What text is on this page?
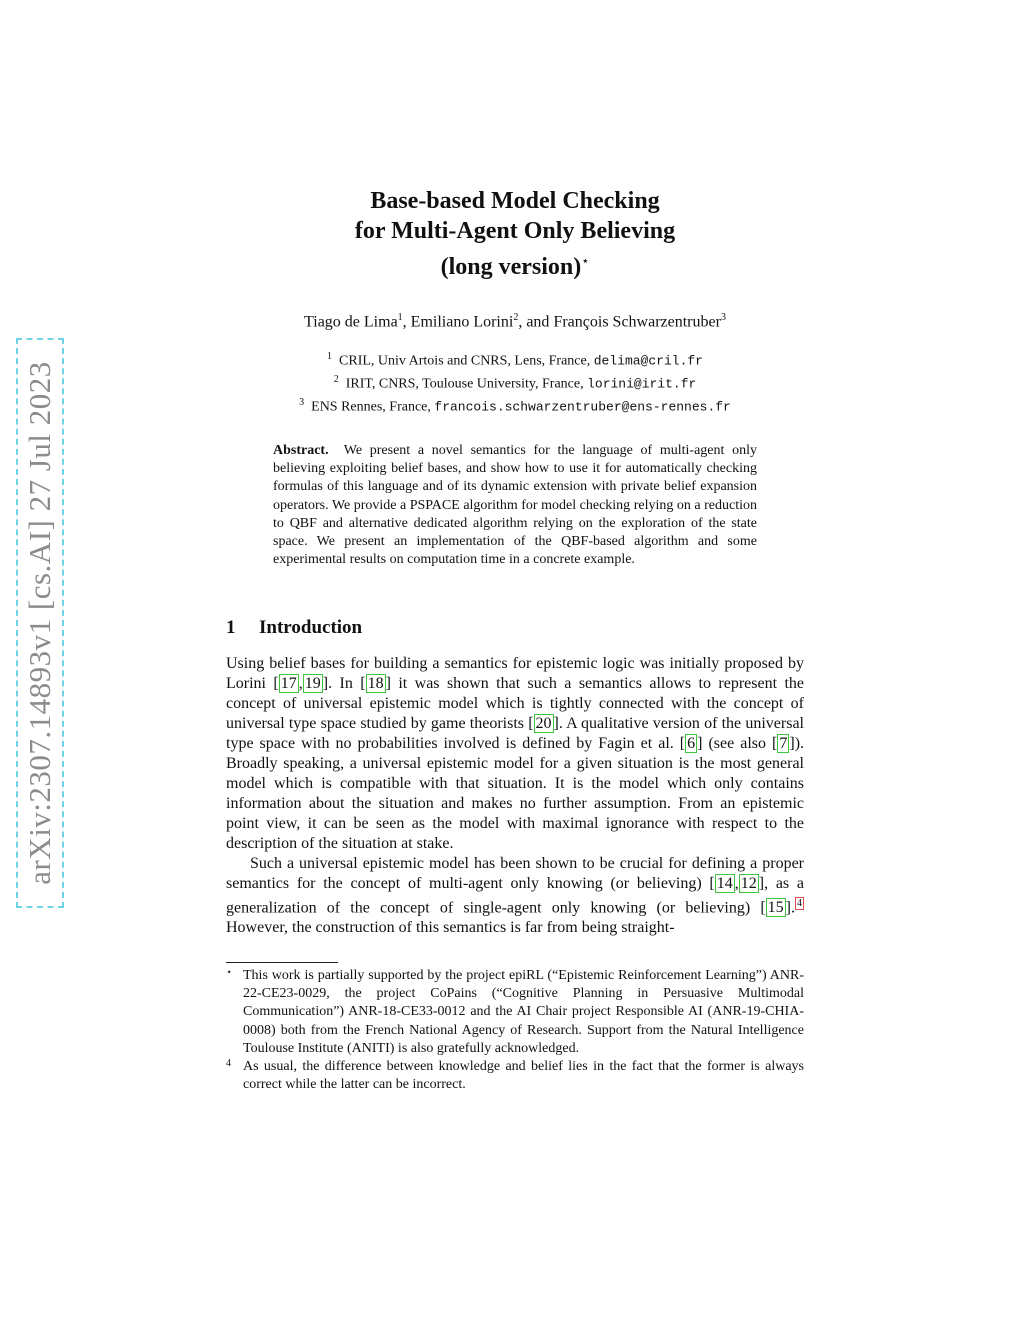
arXiv:2307.14893v1 [cs.AI] 27 Jul 2023
Base-based Model Checking
for Multi-Agent Only Believing
(long version)⋆
Tiago de Lima$^1$, Emiliano Lorini$^2$, and François Schwarzentruber$^3$
$^1$ CRIL, Univ Artois and CNRS, Lens, France, delima@cril.fr
$^2$ IRIT, CNRS, Toulouse University, France, lorini@irit.fr
$^3$ ENS Rennes, France, francois.schwarzentruber@ens-rennes.fr
Abstract. We present a novel semantics for the language of multi-agent only believing exploiting belief bases, and show how to use it for automatically checking formulas of this language and of its dynamic extension with private belief expansion operators. We provide a PSPACE algorithm for model checking relying on a reduction to QBF and alternative dedicated algorithm relying on the exploration of the state space. We present an implementation of the QBF-based algorithm and some experimental results on computation time in a concrete example.
1 Introduction

Using belief bases for building a semantics for epistemic logic was initially proposed by Lorini [ 17 , 19 ]. In [ 18 ] it was shown that such a semantics allows to represent the concept of universal epistemic model which is tightly connected with the concept of universal type space studied by game theorists [ 20 ]. A qualitative version of the universal type space with no probabilities involved is defined by Fagin et al. [ 6 ] (see also [ 7 ]). Broadly speaking, a universal epistemic model for a given situation is the most general model which is compatible with that situation. It is the model which only contains information about the situation and makes no further assumption. From an epistemic point view, it can be seen as the model with maximal ignorance with respect to the description of the situation at stake.

Such a universal epistemic model has been shown to be crucial for defining a proper semantics for the concept of multi-agent only knowing (or believing) [ 14 , 12 ], as a generalization of the concept of single-agent only knowing (or believing) [ 15 ]. $^4$ However, the construction of this semantics is far from being straight-

⋆ This work is partially supported by the project epiRL (“Epistemic Reinforcement Learning”) ANR-22-CE23-0029, the project CoPains (“Cognitive Planning in Persuasive Multimodal Communication”) ANR-18-CE33-0012 and the AI Chair project Responsible AI (ANR-19-CHIA-0008) both from the French National Agency of Research. Support from the Natural Intelligence Toulouse Institute (ANITI) is also gratefully acknowledged.
4 As usual, the difference between knowledge and belief lies in the fact that the former is always correct while the latter can be incorrect.
